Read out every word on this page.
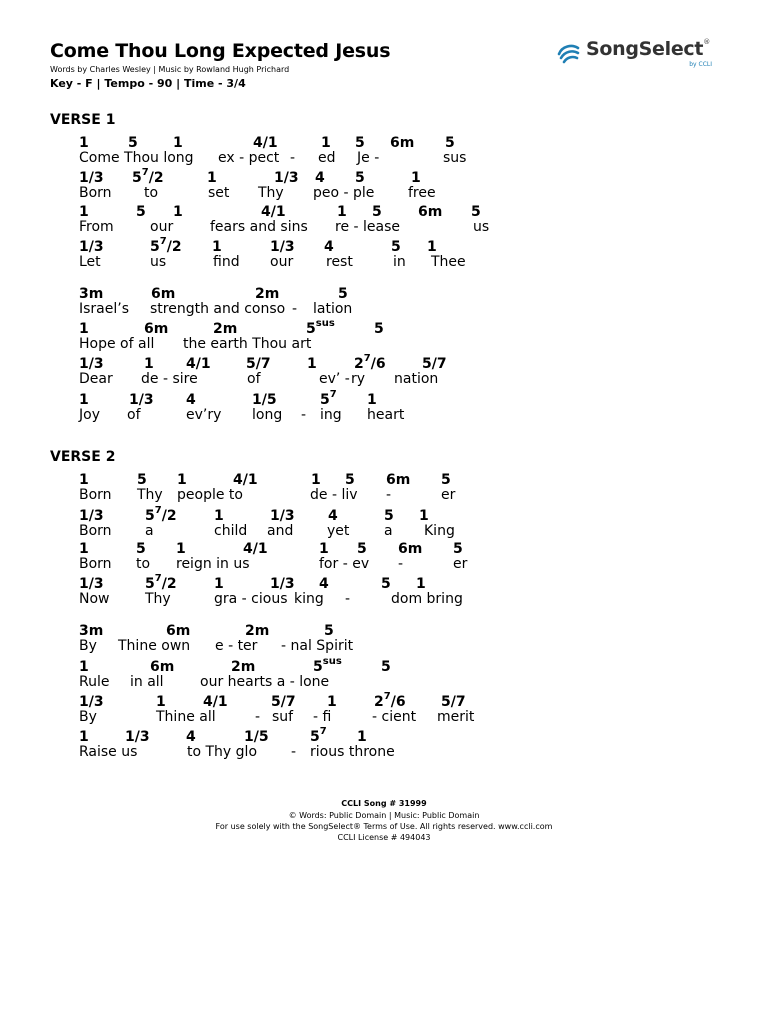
Come Thou Long Expected Jesus
Words by Charles Wesley | Music by Rowland Hugh Prichard
Key - F | Tempo - 90 | Time - 3/4
SongSelect®
by CCLI
VERSE 1
1	5	1	4/1	1 5 6m 5
Come Thou long ex - pect - ed Je -	sus
1/3 $5^7/2$	1	1/3 4 5	1
Born to	set Thy peo - ple free
1	5 1	4/1	1 5	6m 5
From	our	fears and sins re - lease	us
1/3	$5^7/2$ 1	1/3 4	5 1
Let	us	find our rest	in Thee
3m	6m	2m	5
Israel’s strength and conso - lation
1	6m	2m	$5^{sus}$	5
Hope of all the earth Thou art
1/3	1 4/1	5/7	1	$2^7/6$	5/7
Dear de - sire	of	ev’ - ry nation
1	1/3 4	1/5	$5^7$ 1
Joy of	ev’ry long - ing heart
VERSE 2
1	5 1	4/1	1 5 6m 5
Born Thy people to	de - liv -	er
1/3	$5^7/2$	1	1/3 4	5 1
Born a	child and yet a King
1	5 1	4/1	1 5 6m 5
Born to reign in us	for - ev -	er
1/3	$5^7/2$	1	1/3 4	5 1
Now	Thy	gra - cious king -	dom bring
3m	6m	2m	5
By Thine own e - ter - nal Spirit
1	6m	2m	$5^{sus}$	5
Rule in all	our hearts a - lone
1/3	1	4/1	5/7 1	$2^7/6$	5/7
By	Thine all	- suf - fi	- cient merit
1	1/3	4	1/5	$5^7$ 1
Raise us	to Thy glo - rious throne
CCLI Song # 31999
© Words: Public Domain | Music: Public Domain
For use solely with the SongSelect® Terms of Use. All rights reserved. www.ccli.com
CCLI License # 494043
